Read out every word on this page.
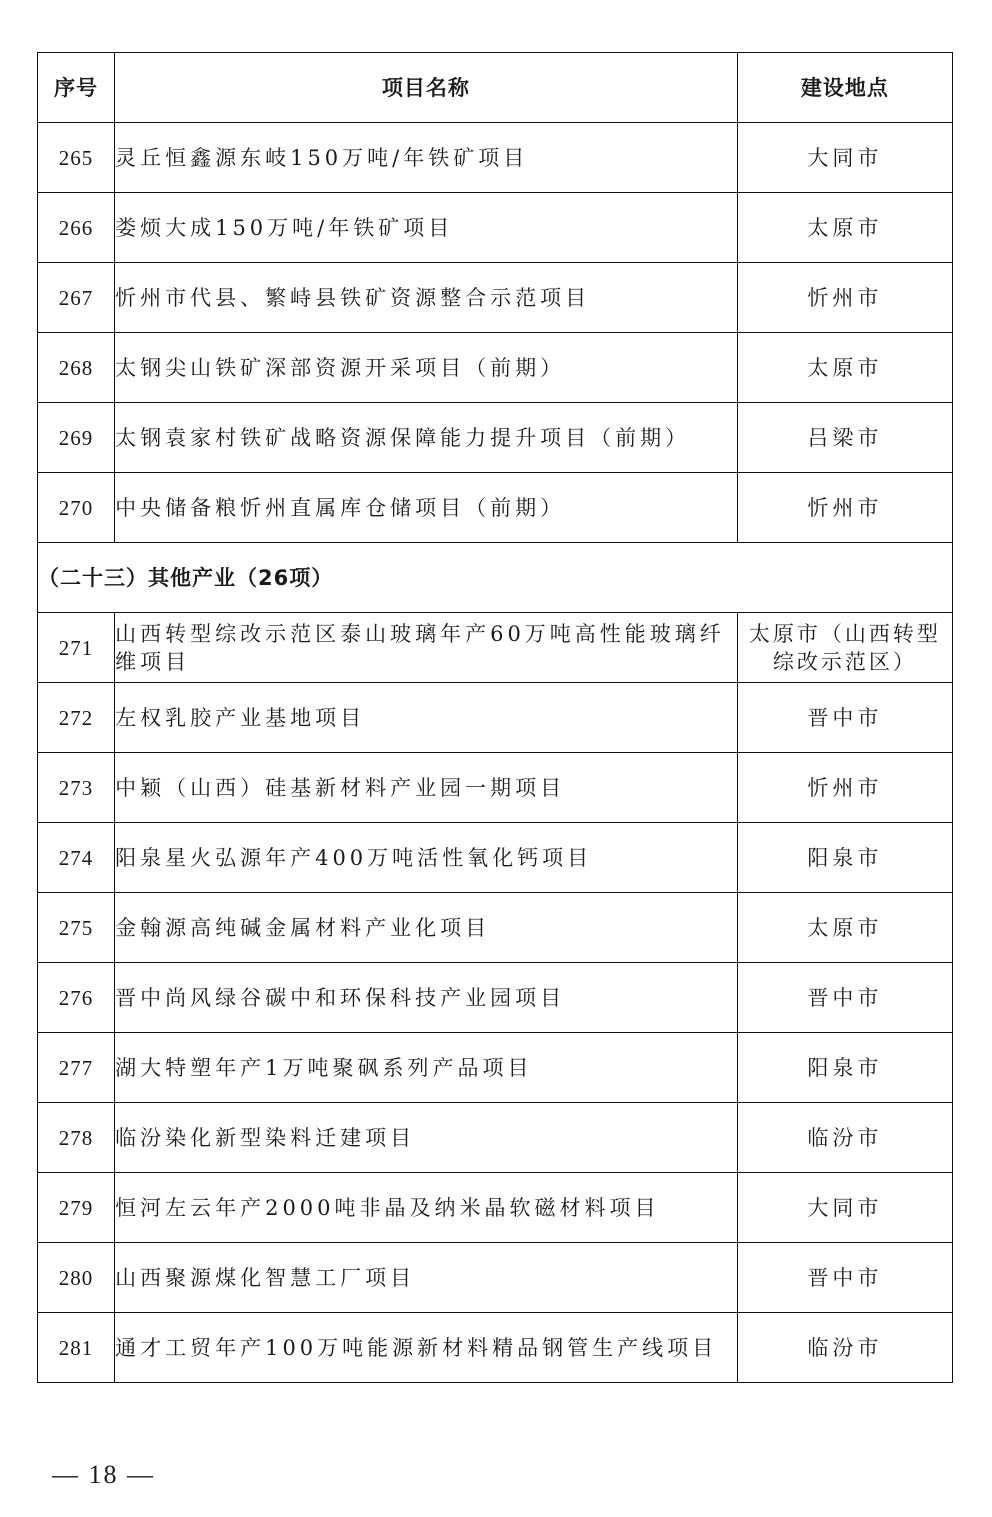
序号	项目名称	建设地点
265	灵丘恒鑫源东岐150万吨/年铁矿项目	大同市
266	娄烦大成150万吨/年铁矿项目	太原市
267	忻州市代县、繁峙县铁矿资源整合示范项目	忻州市
268	太钢尖山铁矿深部资源开采项目（前期）	太原市
269	太钢袁家村铁矿战略资源保障能力提升项目（前期）	吕梁市
270	中央储备粮忻州直属库仓储项目（前期）	忻州市
（二十三）其他产业（26项）		
271	山西转型综改示范区泰山玻璃年产60万吨高性能玻璃纤维项目	太原市（山西转型综改示范区）
272	左权乳胶产业基地项目	晋中市
273	中颖（山西）硅基新材料产业园一期项目	忻州市
274	阳泉星火弘源年产400万吨活性氧化钙项目	阳泉市
275	金翰源高纯碱金属材料产业化项目	太原市
276	晋中尚风绿谷碳中和环保科技产业园项目	晋中市
277	湖大特塑年产1万吨聚砜系列产品项目	阳泉市
278	临汾染化新型染料迁建项目	临汾市
279	恒河左云年产2000吨非晶及纳米晶软磁材料项目	大同市
280	山西聚源煤化智慧工厂项目	晋中市
281	通才工贸年产100万吨能源新材料精品钢管生产线项目	临汾市
— 18 —
